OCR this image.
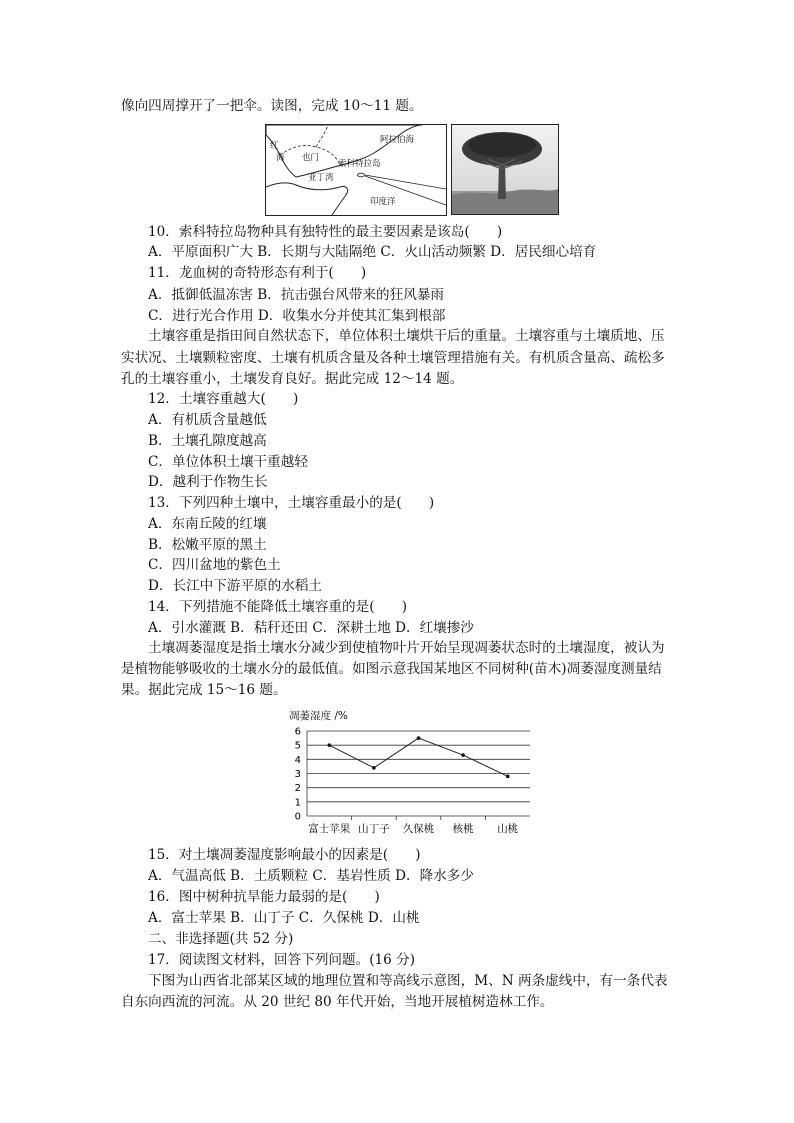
像向四周撑开了一把伞。读图，完成 10～11 题。
阿拉伯海
红
海 也门
索科特拉岛
亚丁湾
印度洋
10．索科特拉岛物种具有独特性的最主要因素是该岛(　　)
A．平原面积广大 B．长期与大陆隔绝 C．火山活动频繁 D．居民细心培育
11．龙血树的奇特形态有利于(　　)
A．抵御低温冻害 B．抗击强台风带来的狂风暴雨
C．进行光合作用 D．收集水分并使其汇集到根部
土壤容重是指田间自然状态下，单位体积土壤烘干后的重量。土壤容重与土壤质地、压
实状况、土壤颗粒密度、土壤有机质含量及各种土壤管理措施有关。有机质含量高、疏松多
孔的土壤容重小，土壤发育良好。据此完成 12～14 题。
12．土壤容重越大(　　)
A．有机质含量越低
B．土壤孔隙度越高
C．单位体积土壤干重越轻
D．越利于作物生长
13．下列四种土壤中，土壤容重最小的是(　　)
A．东南丘陵的红壤
B．松嫩平原的黑土
C．四川盆地的紫色土
D．长江中下游平原的水稻土
14．下列措施不能降低土壤容重的是(　　)
A．引水灌溉 B．秸秆还田 C．深耕土地 D．红壤掺沙
土壤凋萎湿度是指土壤水分减少到使植物叶片开始呈现凋萎状态时的土壤湿度，被认为
是植物能够吸收的土壤水分的最低值。如图示意我国某地区不同树种(苗木)凋萎湿度测量结
果。据此完成 15～16 题。
凋萎湿度 /%
0
1
2
3
4
5
6
富士苹果 山丁子 久保桃 核桃 山桃
15．对土壤凋萎湿度影响最小的因素是(　　)
A．气温高低 B．土质颗粒 C．基岩性质 D．降水多少
16．图中树种抗旱能力最弱的是(　　)
A．富士苹果 B．山丁子 C．久保桃 D．山桃
二、非选择题(共 52 分)
17．阅读图文材料，回答下列问题。(16 分)
下图为山西省北部某区域的地理位置和等高线示意图，M、N 两条虚线中，有一条代表
自东向西流的河流。从 20 世纪 80 年代开始，当地开展植树造林工作。
